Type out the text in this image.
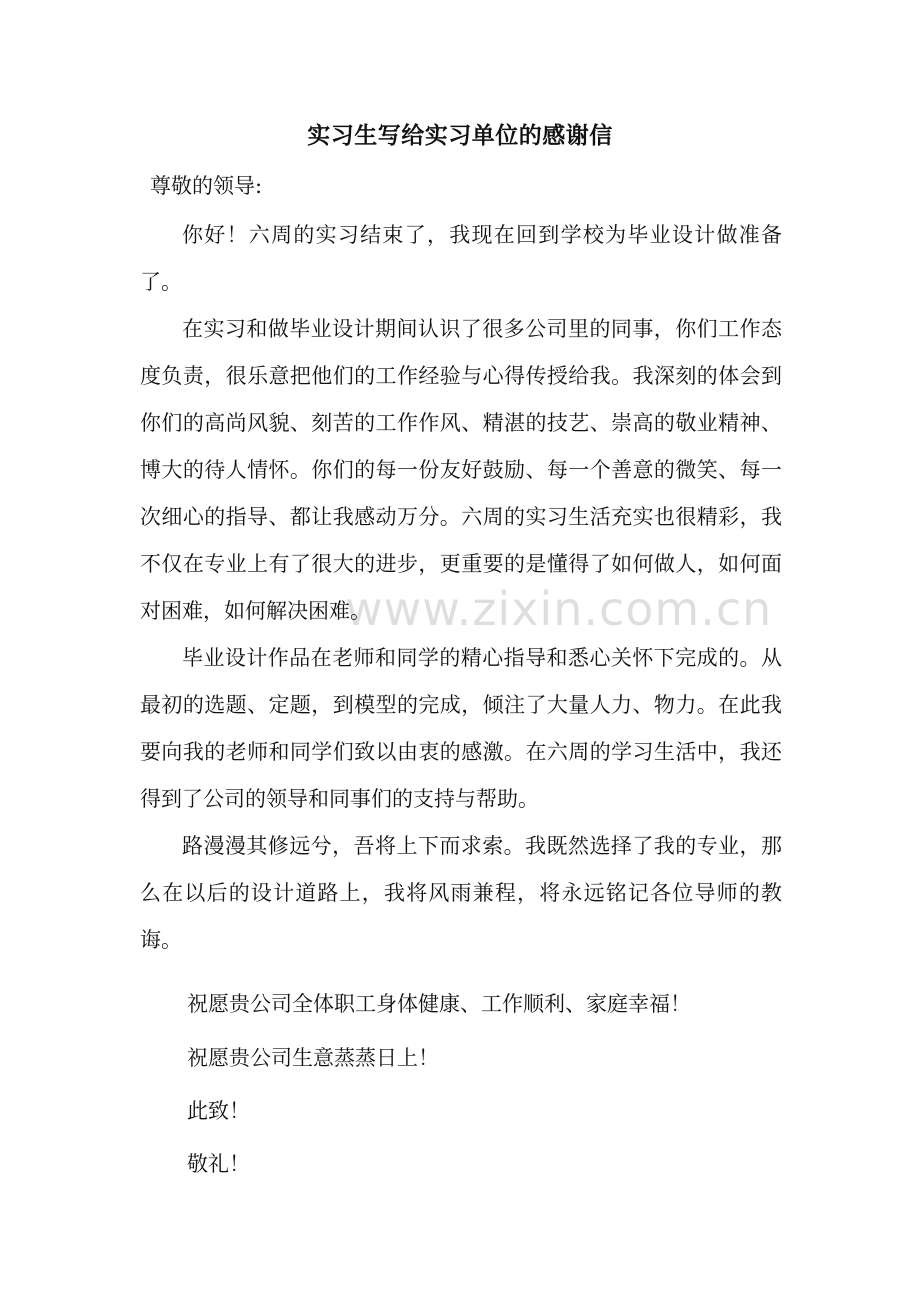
实习生写给实习单位的感谢信
尊敬的领导:

你好！六周的实习结束了，我现在回到学校为毕业设计做准备了。

在实习和做毕业设计期间认识了很多公司里的同事，你们工作态度负责，很乐意把他们的工作经验与心得传授给我。我深刻的体会到你们的高尚风貌、刻苦的工作作风、精湛的技艺、崇高的敬业精神、博大的待人情怀。你们的每一份友好鼓励、每一个善意的微笑、每一次细心的指导、都让我感动万分。六周的实习生活充实也很精彩，我不仅在专业上有了很大的进步，更重要的是懂得了如何做人，如何面对困难，如何解决困难。

毕业设计作品在老师和同学的精心指导和悉心关怀下完成的。从最初的选题、定题，到模型的完成，倾注了大量人力、物力。在此我要向我的老师和同学们致以由衷的感激。在六周的学习生活中，我还得到了公司的领导和同事们的支持与帮助。

路漫漫其修远兮，吾将上下而求索。我既然选择了我的专业，那么在以后的设计道路上，我将风雨兼程，将永远铭记各位导师的教诲。

祝愿贵公司全体职工身体健康、工作顺利、家庭幸福！
祝愿贵公司生意蒸蒸日上！
此致！
敬礼！
www.zixin.com.cn
